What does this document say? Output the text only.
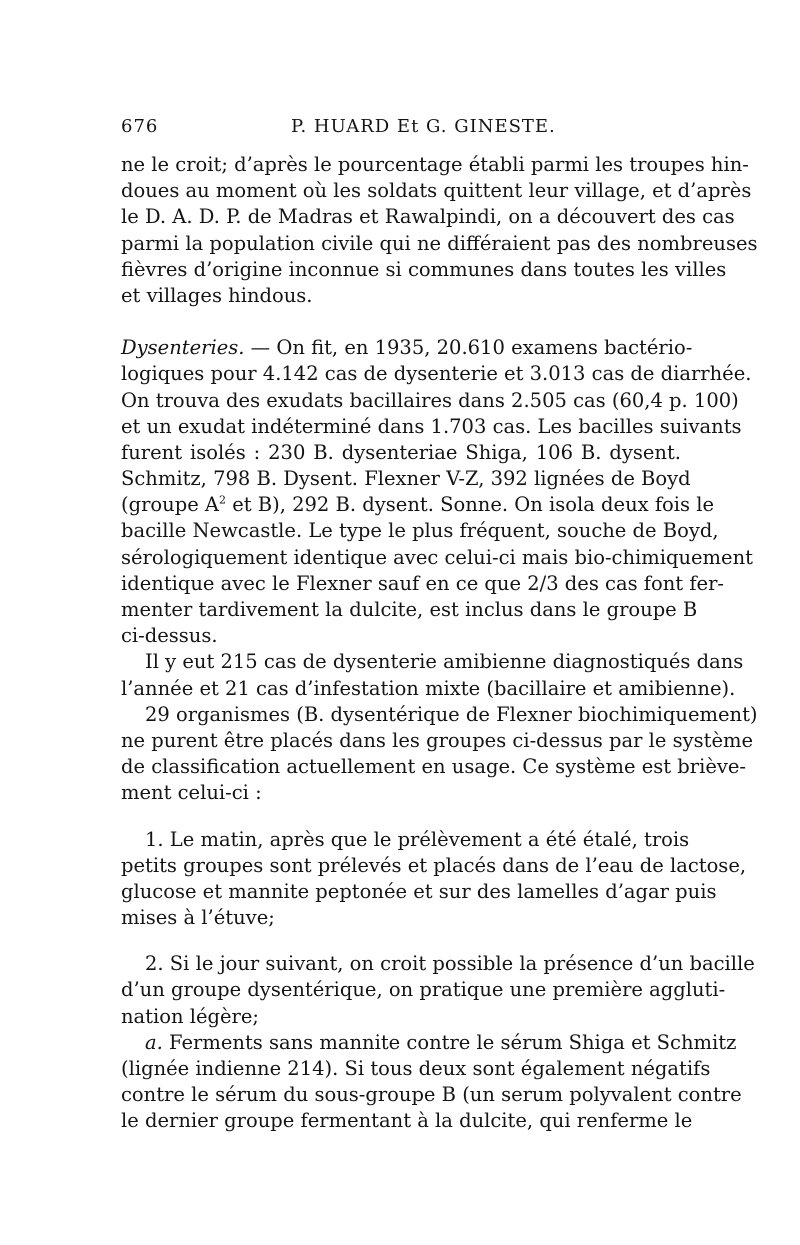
676	P. HUARD Et G. GINESTE.
ne le croit; d’après le pourcentage établi parmi les troupes hin-
doues au moment où les soldats quittent leur village, et d’après
le D. A. D. P. de Madras et Rawalpindi, on a découvert des cas
parmi la population civile qui ne différaient pas des nombreuses
fièvres d’origine inconnue si communes dans toutes les villes
et villages hindous.
Dysenteries. — On fit, en 1935, 20.610 examens bactério-
logiques pour 4.142 cas de dysenterie et 3.013 cas de diarrhée.
On trouva des exudats bacillaires dans 2.505 cas (60,4 p. 100)
et un exudat indéterminé dans 1.703 cas. Les bacilles suivants
furent isolés : 230 B. dysenteriae Shiga, 106 B. dysent.
Schmitz, 798 B. Dysent. Flexner V-Z, 392 lignées de Boyd
(groupe $A^2$ et B), 292 B. dysent. Sonne. On isola deux fois le
bacille Newcastle. Le type le plus fréquent, souche de Boyd,
sérologiquement identique avec celui-ci mais bio-chimiquement
identique avec le Flexner sauf en ce que 2/3 des cas font fer-
menter tardivement la dulcite, est inclus dans le groupe B
ci-dessus.
Il y eut 215 cas de dysenterie amibienne diagnostiqués dans
l’année et 21 cas d’infestation mixte (bacillaire et amibienne).
29 organismes (B. dysentérique de Flexner biochimiquement)
ne purent être placés dans les groupes ci-dessus par le système
de classification actuellement en usage. Ce système est briève-
ment celui-ci :
1. Le matin, après que le prélèvement a été étalé, trois
petits groupes sont prélevés et placés dans de l’eau de lactose,
glucose et mannite peptonée et sur des lamelles d’agar puis
mises à l’étuve;
2. Si le jour suivant, on croit possible la présence d’un bacille
d’un groupe dysentérique, on pratique une première aggluti-
nation légère;
a. Ferments sans mannite contre le sérum Shiga et Schmitz
(lignée indienne 214). Si tous deux sont également négatifs
contre le sérum du sous-groupe B (un serum polyvalent contre
le dernier groupe fermentant à la dulcite, qui renferme le
